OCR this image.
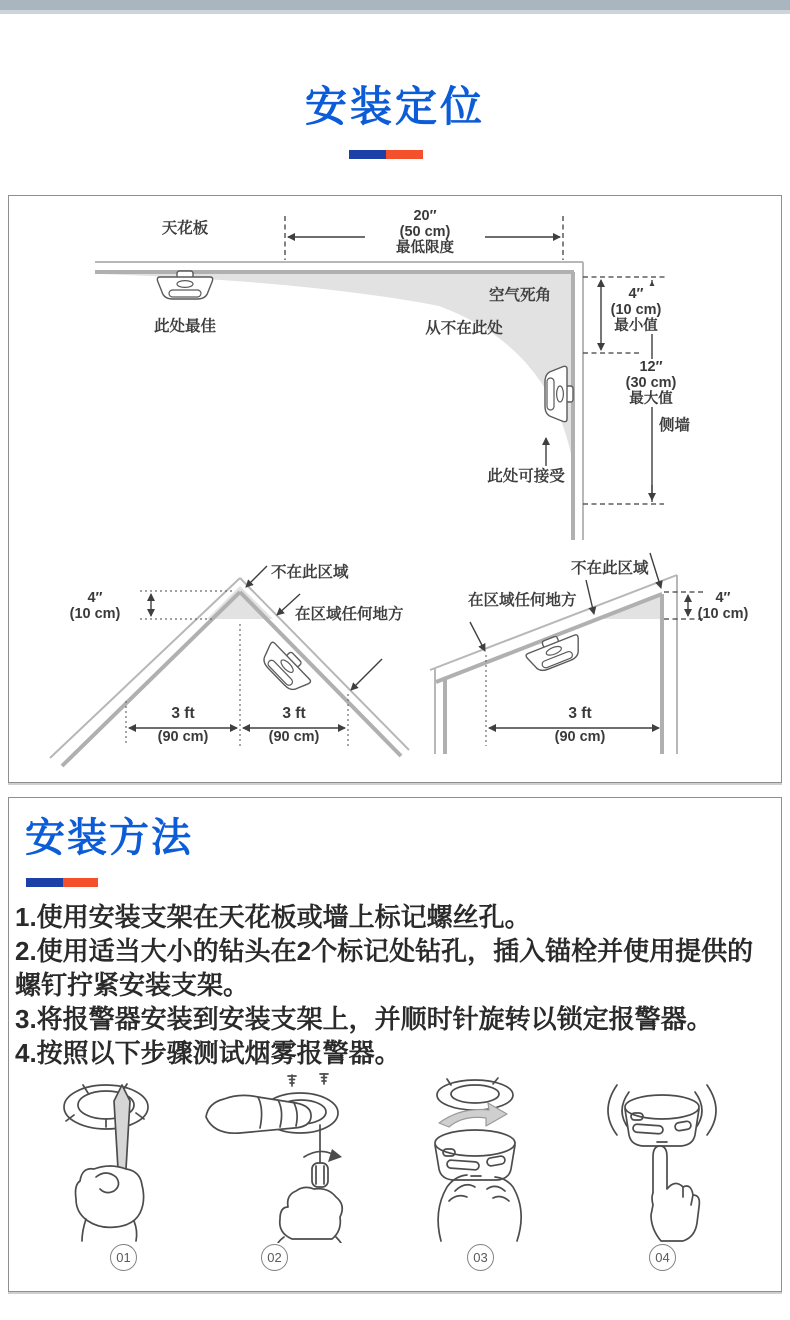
安装定位
天花板
20″
(50 cm)
最低限度
此处最佳
空气死角
从不在此处
4″
(10 cm)
最小值
12″
(30 cm)
最大值
侧墙
此处可接受
不在此区域
在区域任何地方
4″
(10 cm)
3 ft
(90 cm)
3 ft
(90 cm)
不在此区域
在区域任何地方	4″
(10 cm)
3 ft
(90 cm)
安装方法
1.使用安装支架在天花板或墙上标记螺丝孔。
2.使用适当大小的钻头在2个标记处钻孔，插入锚栓并使用提供的螺钉拧紧安装支架。
3.将报警器安装到安装支架上，并顺时针旋转以锁定报警器。
4.按照以下步骤测试烟雾报警器。
01	02	03	04
